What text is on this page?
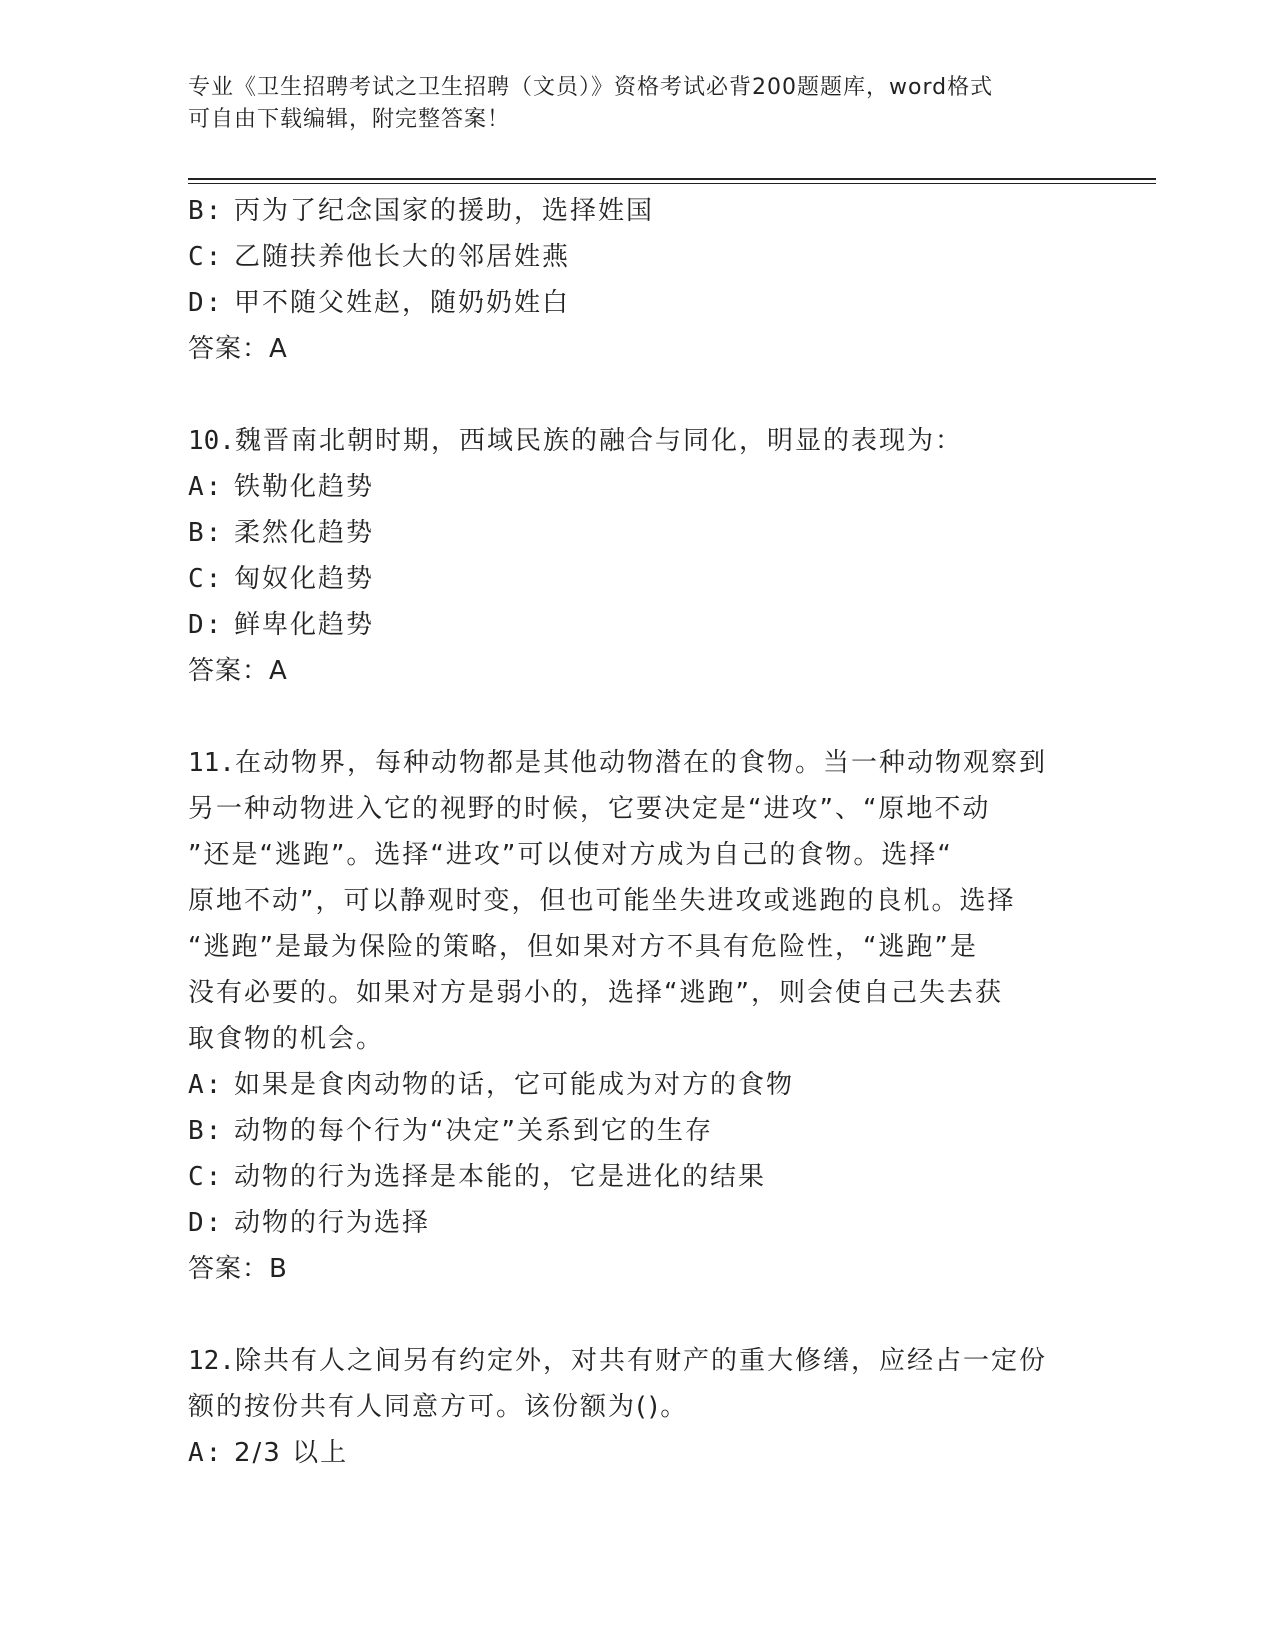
专业《卫生招聘考试之卫生招聘（文员）》资格考试必背200题题库，word格式
可自由下载编辑，附完整答案！
B: 丙为了纪念国家的援助，选择姓国
C: 乙随扶养他长大的邻居姓燕
D: 甲不随父姓赵，随奶奶姓白
答案：A
10.魏晋南北朝时期，西域民族的融合与同化，明显的表现为：
A: 铁勒化趋势
B: 柔然化趋势
C: 匈奴化趋势
D: 鲜卑化趋势
答案：A
11.在动物界，每种动物都是其他动物潜在的食物。当一种动物观察到
另一种动物进入它的视野的时候，它要决定是“进攻”、“原地不动
”还是“逃跑”。选择“进攻”可以使对方成为自己的食物。选择“
原地不动”，可以静观时变，但也可能坐失进攻或逃跑的良机。选择
“逃跑”是最为保险的策略，但如果对方不具有危险性，“逃跑”是
没有必要的。如果对方是弱小的，选择“逃跑”，则会使自己失去获
取食物的机会。
A: 如果是食肉动物的话，它可能成为对方的食物
B: 动物的每个行为“决定”关系到它的生存
C: 动物的行为选择是本能的，它是进化的结果
D: 动物的行为选择
答案：B
12.除共有人之间另有约定外，对共有财产的重大修缮，应经占一定份
额的按份共有人同意方可。该份额为()。
A: 2/3 以上
